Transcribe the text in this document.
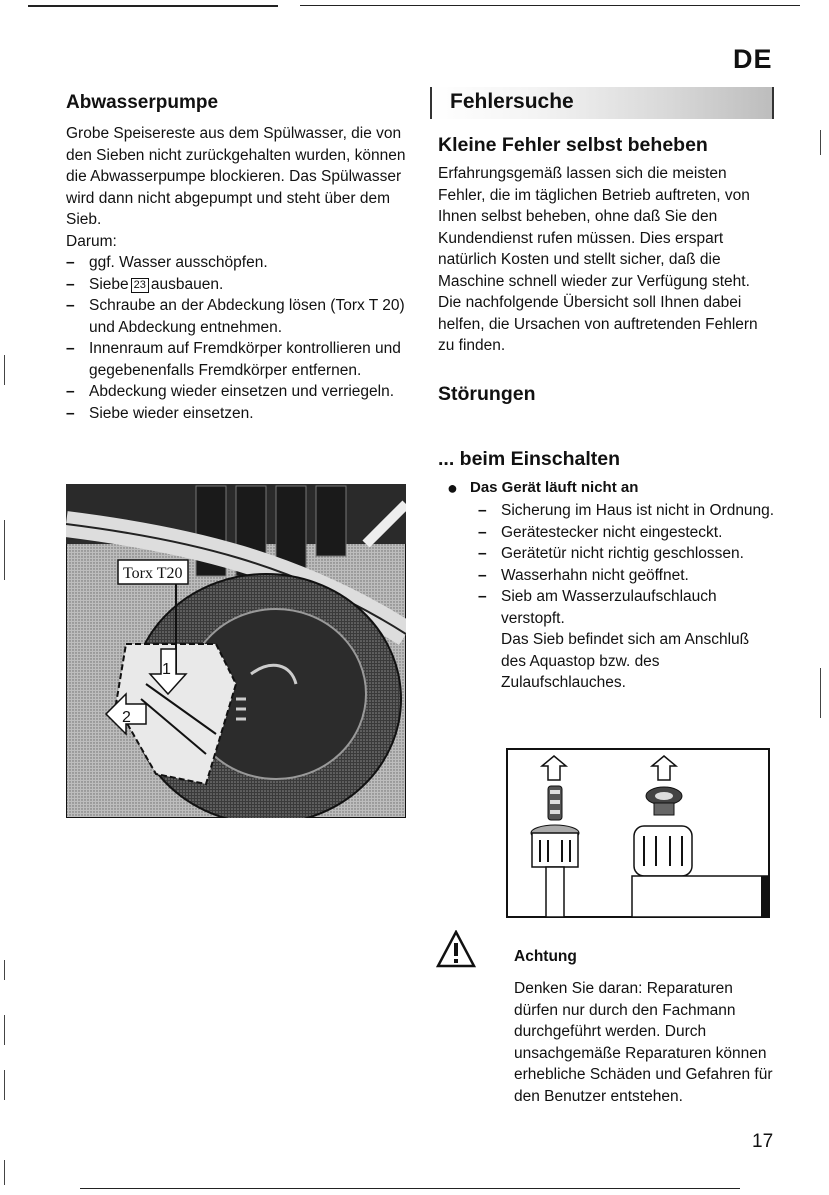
DE
Abwasserpumpe

Grobe Speisereste aus dem Spülwasser, die von den Sieben nicht zurückgehalten wurden, können die Abwasserpumpe blockieren. Das Spülwasser wird dann nicht abgepumpt und steht über dem Sieb.

Darum:

– ggf. Wasser ausschöpfen.
– Siebe 23 ausbauen.
– Schraube an der Abdeckung lösen (Torx T 20) und Abdeckung entnehmen.
– Innenraum auf Fremdkörper kontrollieren und gegebenenfalls Fremdkörper entfernen.
– Abdeckung wieder einsetzen und verriegeln.
– Siebe wieder einsetzen.
Torx T20
1
2
Fehlersuche
Kleine Fehler selbst beheben
Erfahrungsgemäß lassen sich die meisten Fehler, die im täglichen Betrieb auftreten, von Ihnen selbst beheben, ohne daß Sie den Kundendienst rufen müssen. Dies erspart natürlich Kosten und stellt sicher, daß die Maschine schnell wieder zur Verfügung steht. Die nachfolgende Übersicht soll Ihnen dabei helfen, die Ursachen von auftretenden Fehlern zu finden.
Störungen
... beim Einschalten
● Das Gerät läuft nicht an
– Sicherung im Haus ist nicht in Ordnung.
– Gerätestecker nicht eingesteckt.
– Gerätetür nicht richtig geschlossen.
– Wasserhahn nicht geöffnet.
– Sieb am Wasserzulaufschlauch verstopft.
Das Sieb befindet sich am Anschluß des Aquastop bzw. des Zulaufschlauches.
Achtung
Denken Sie daran: Reparaturen dürfen nur durch den Fachmann durchgeführt werden. Durch unsachgemäße Reparaturen können erhebliche Schäden und Gefahren für den Benutzer entstehen.
17
